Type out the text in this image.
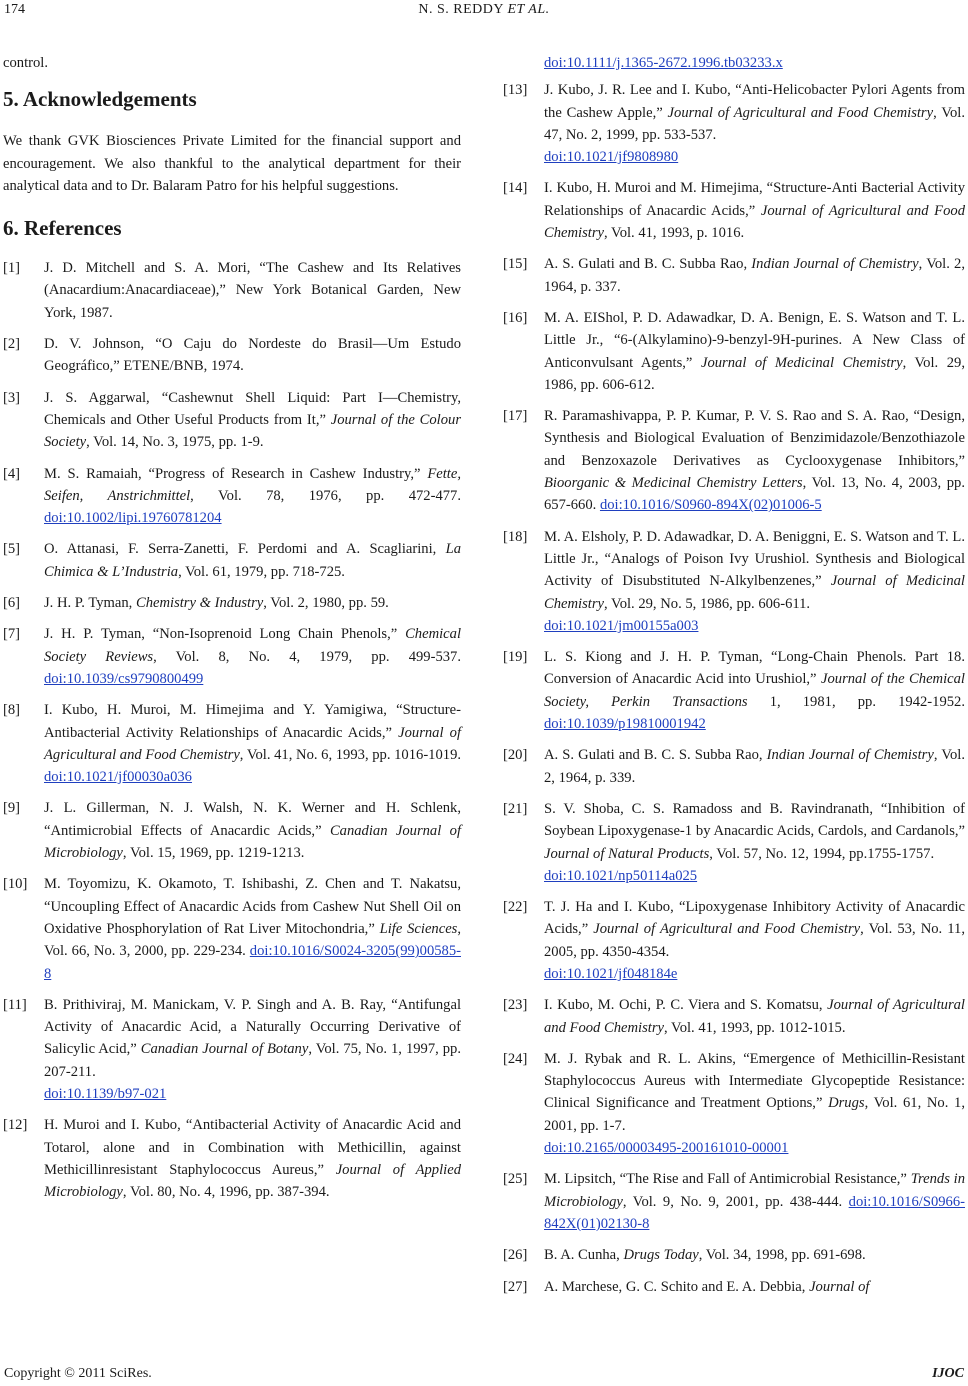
174	N. S. REDDY ET AL.

control.

5. Acknowledgements

We thank GVK Biosciences Private Limited for the financial support and encouragement. We also thankful to the analytical department for their analytical data and to Dr. Balaram Patro for his helpful suggestions.

6. References
[1] J. D. Mitchell and S. A. Mori, “The Cashew and Its Relatives (Anacardium:Anacardiaceae),” New York Botanical Garden, New York, 1987.
[2] D. V. Johnson, “O Caju do Nordeste do Brasil—Um Estudo Geográfico,” ETENE/BNB, 1974.
[3] J. S. Aggarwal, “Cashewnut Shell Liquid: Part I—Chemistry, Chemicals and Other Useful Products from It,” Journal of the Colour Society, Vol. 14, No. 3, 1975, pp. 1-9.
[4] M. S. Ramaiah, “Progress of Research in Cashew Industry,” Fette, Seifen, Anstrichmittel, Vol. 78, 1976, pp. 472-477. doi:10.1002/lipi.19760781204
[5] O. Attanasi, F. Serra-Zanetti, F. Perdomi and A. Scagliarini, La Chimica & L’Industria, Vol. 61, 1979, pp. 718-725.
[6] J. H. P. Tyman, Chemistry & Industry, Vol. 2, 1980, pp. 59.
[7] J. H. P. Tyman, “Non-Isoprenoid Long Chain Phenols,” Chemical Society Reviews, Vol. 8, No. 4, 1979, pp. 499-537. doi:10.1039/cs9790800499
[8] I. Kubo, H. Muroi, M. Himejima and Y. Yamigiwa, “Structure-Antibacterial Activity Relationships of Anacardic Acids,” Journal of Agricultural and Food Chemistry, Vol. 41, No. 6, 1993, pp. 1016-1019.
doi:10.1021/jf00030a036
[9] J. L. Gillerman, N. J. Walsh, N. K. Werner and H. Schlenk, “Antimicrobial Effects of Anacardic Acids,” Canadian Journal of Microbiology, Vol. 15, 1969, pp. 1219-1213.
[10] M. Toyomizu, K. Okamoto, T. Ishibashi, Z. Chen and T. Nakatsu, “Uncoupling Effect of Anacardic Acids from Cashew Nut Shell Oil on Oxidative Phosphorylation of Rat Liver Mitochondria,” Life Sciences, Vol. 66, No. 3, 2000, pp. 229-234. doi:10.1016/S0024-3205(99)00585-8
[11] B. Prithiviraj, M. Manickam, V. P. Singh and A. B. Ray, “Antifungal Activity of Anacardic Acid, a Naturally Occurring Derivative of Salicylic Acid,” Canadian Journal of Botany, Vol. 75, No. 1, 1997, pp. 207-211.
doi:10.1139/b97-021
[12] H. Muroi and I. Kubo, “Antibacterial Activity of Anacardic Acid and Totarol, alone and in Combination with Methicillin, against Methicillinresistant Staphylococcus Aureus,” Journal of Applied Microbiology, Vol. 80, No. 4, 1996, pp. 387-394.
doi:10.1111/j.1365-2672.1996.tb03233.x
[13] J. Kubo, J. R. Lee and I. Kubo, “Anti-Helicobacter Pylori Agents from the Cashew Apple,” Journal of Agricultural and Food Chemistry, Vol. 47, No. 2, 1999, pp. 533-537.
doi:10.1021/jf9808980
[14] I. Kubo, H. Muroi and M. Himejima, “Structure-Anti Bacterial Activity Relationships of Anacardic Acids,” Journal of Agricultural and Food Chemistry, Vol. 41, 1993, p. 1016.
[15] A. S. Gulati and B. C. Subba Rao, Indian Journal of Chemistry, Vol. 2, 1964, p. 337.
[16] M. A. EIShol, P. D. Adawadkar, D. A. Benign, E. S. Watson and T. L. Little Jr., “6-(Alkylamino)-9-benzyl-9H-purines. A New Class of Anticonvulsant Agents,” Journal of Medicinal Chemistry, Vol. 29, 1986, pp. 606-612.
[17] R. Paramashivappa, P. P. Kumar, P. V. S. Rao and S. A. Rao, “Design, Synthesis and Biological Evaluation of Benzimidazole/Benzothiazole and Benzoxazole Derivatives as Cyclooxygenase Inhibitors,” Bioorganic & Medicinal Chemistry Letters, Vol. 13, No. 4, 2003, pp. 657-660. doi:10.1016/S0960-894X(02)01006-5
[18] M. A. Elsholy, P. D. Adawadkar, D. A. Beniggni, E. S. Watson and T. L. Little Jr., “Analogs of Poison Ivy Urushiol. Synthesis and Biological Activity of Disubstituted N-Alkylbenzenes,” Journal of Medicinal Chemistry, Vol. 29, No. 5, 1986, pp. 606-611.
doi:10.1021/jm00155a003
[19] L. S. Kiong and J. H. P. Tyman, “Long-Chain Phenols. Part 18. Conversion of Anacardic Acid into Urushiol,” Journal of the Chemical Society, Perkin Transactions 1, 1981, pp. 1942-1952. doi:10.1039/p19810001942
[20] A. S. Gulati and B. C. S. Subba Rao, Indian Journal of Chemistry, Vol. 2, 1964, p. 339.
[21] S. V. Shoba, C. S. Ramadoss and B. Ravindranath, “Inhibition of Soybean Lipoxygenase-1 by Anacardic Acids, Cardols, and Cardanols,” Journal of Natural Products, Vol. 57, No. 12, 1994, pp.1755-1757.
doi:10.1021/np50114a025
[22] T. J. Ha and I. Kubo, “Lipoxygenase Inhibitory Activity of Anacardic Acids,” Journal of Agricultural and Food Chemistry, Vol. 53, No. 11, 2005, pp. 4350-4354.
doi:10.1021/jf048184e
[23] I. Kubo, M. Ochi, P. C. Viera and S. Komatsu, Journal of Agricultural and Food Chemistry, Vol. 41, 1993, pp. 1012-1015.
[24] M. J. Rybak and R. L. Akins, “Emergence of Methicillin-Resistant Staphylococcus Aureus with Intermediate Glycopeptide Resistance: Clinical Significance and Treatment Options,” Drugs, Vol. 61, No. 1, 2001, pp. 1-7.
doi:10.2165/00003495-200161010-00001
[25] M. Lipsitch, “The Rise and Fall of Antimicrobial Resistance,” Trends in Microbiology, Vol. 9, No. 9, 2001, pp. 438-444. doi:10.1016/S0966-842X(01)02130-8
[26] B. A. Cunha, Drugs Today, Vol. 34, 1998, pp. 691-698.
[27] A. Marchese, G. C. Schito and E. A. Debbia, Journal of
Copyright © 2011 SciRes.	IJOC
